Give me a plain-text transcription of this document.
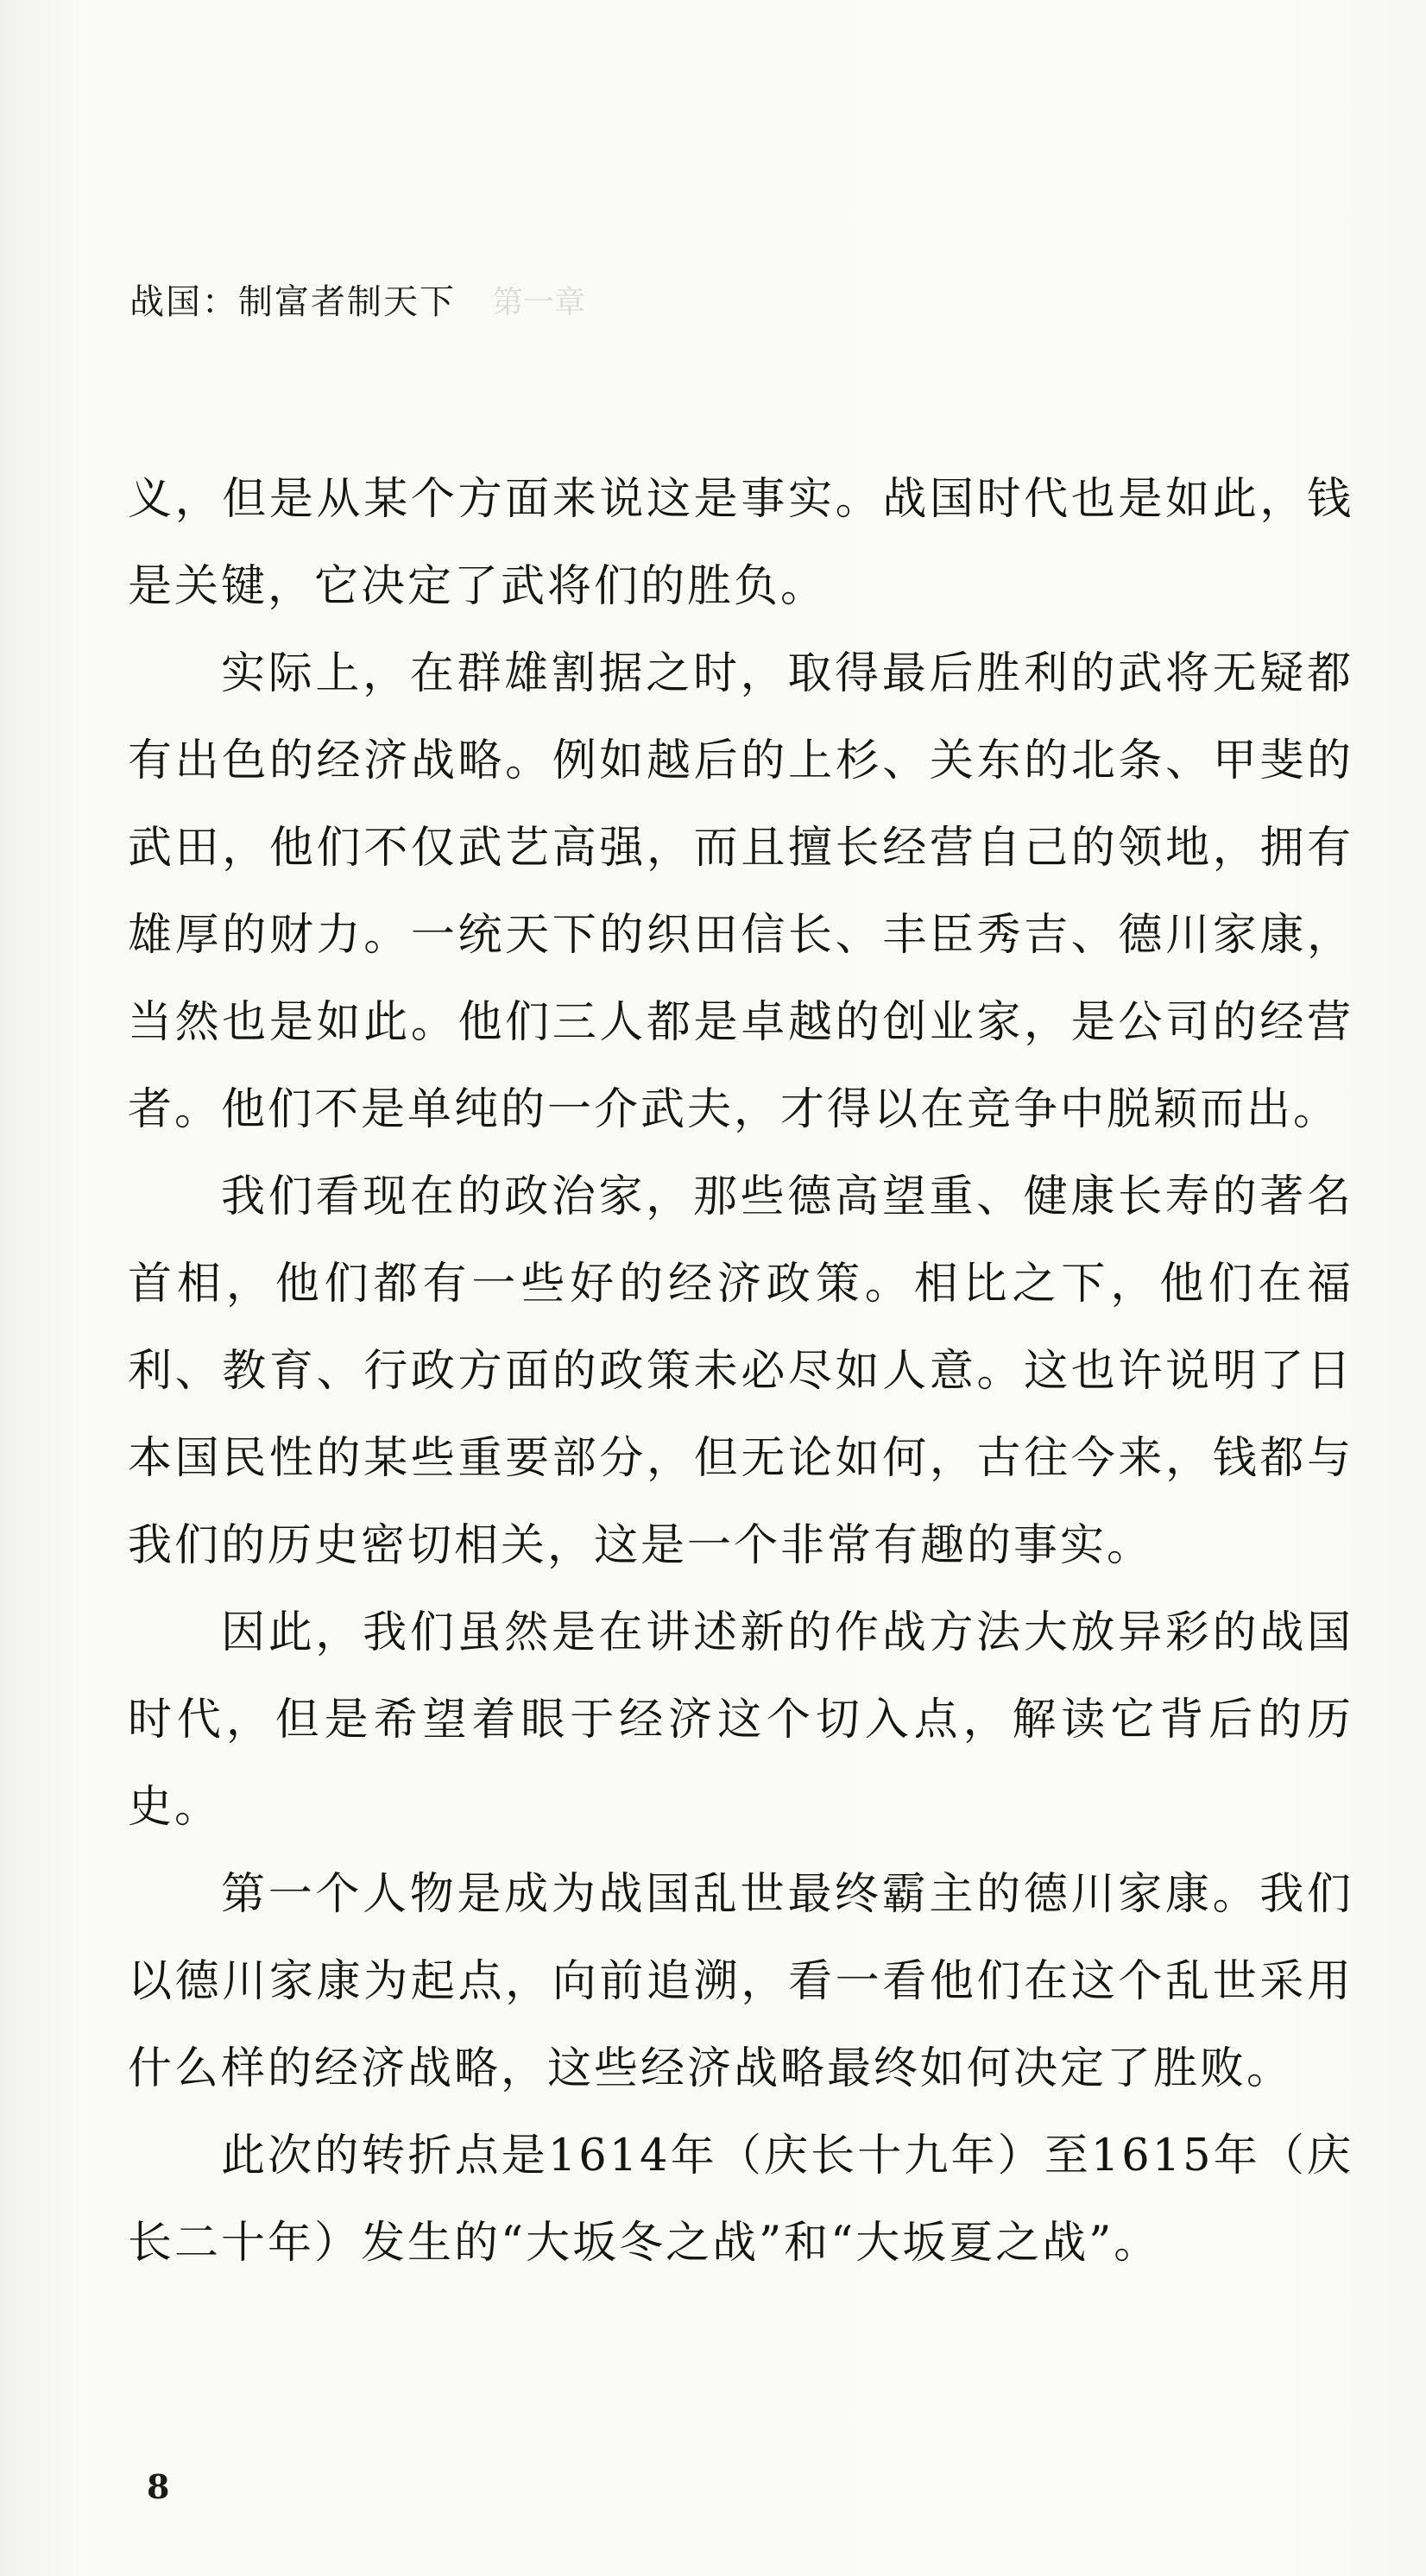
战国：制富者制天下 第一章

义，但是从某个方面来说这是事实。战国时代也是如此，钱是关键，它决定了武将们的胜负。

实际上，在群雄割据之时，取得最后胜利的武将无疑都有出色的经济战略。例如越后的上杉、关东的北条、甲斐的武田，他们不仅武艺高强，而且擅长经营自己的领地，拥有雄厚的财力。一统天下的织田信长、丰臣秀吉、德川家康，当然也是如此。他们三人都是卓越的创业家，是公司的经营者。他们不是单纯的一介武夫，才得以在竞争中脱颖而出。

我们看现在的政治家，那些德高望重、健康长寿的著名首相，他们都有一些好的经济政策。相比之下，他们在福利、教育、行政方面的政策未必尽如人意。这也许说明了日本国民性的某些重要部分，但无论如何，古往今来，钱都与我们的历史密切相关，这是一个非常有趣的事实。

因此，我们虽然是在讲述新的作战方法大放异彩的战国时代，但是希望着眼于经济这个切入点，解读它背后的历史。

第一个人物是成为战国乱世最终霸主的德川家康。我们以德川家康为起点，向前追溯，看一看他们在这个乱世采用什么样的经济战略，这些经济战略最终如何决定了胜败。

此次的转折点是1614年（庆长十九年）至1615年（庆长二十年）发生的“大坂冬之战”和“大坂夏之战”。

8
